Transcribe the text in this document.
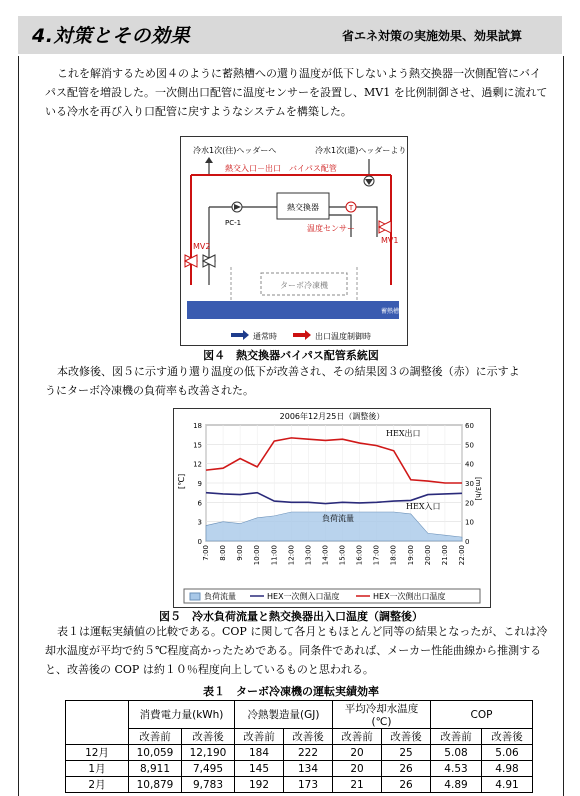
4.対策とその効果	省エネ対策の実施効果、効果試算

これを解消するため図４のように蓄熱槽への還り温度が低下しないよう熱交換器一次側配管にバイ

パス配管を増設した。一次側出口配管に温度センサーを設置し、MV1 を比例制御させ、過剰に流れて
いる冷水を再び入り口配管に戻すようなシステムを構築した。
冷水1次(往)ヘッダーへ	冷水1次(還)ヘッダーより
熱交入口－出口　バイパス配管
熱交換器
PC-1
T
温度センサー
MV2
MV1
ターボ冷凍機
蓄熱槽
通常時	出口温度制御時
図４　熱交換器バイパス配管系統図

本改修後、図５に示す通り還り温度の低下が改善され、その結果図３の調整後（赤）に示すよ

うにターボ冷凍機の負荷率も改善された。
2006年12月25日（調整後）
0
3
6
9
12
15
18
0
10
20
30
40
50
60
7:00 8:00 9:00 10:00 11:00 12:00 13:00 14:00 15:00 16:00 17:00 18:00 19:00 20:00 21:00 22:00
[℃]	[m3/h]
HEX出口
HEX入口
負荷流量
負荷流量	HEX一次側入口温度	HEX一次側出口温度
図５　冷水負荷流量と熱交換器出入口温度（調整後）

表１は運転実績値の比較である。COP に関して各月ともほとんど同等の結果となったが、これは冷

却水温度が平均で約５℃程度高かったためである。同条件であれば、メーカー性能曲線から推測する
と、改善後の COP は約１０％程度向上しているものと思われる。
表１　ターボ冷凍機の運転実績効率
	消費電力量(kWh)		冷熱製造量(GJ)		平均冷却水温度(℃)		COP	
	改善前	改善後	改善前	改善後	改善前	改善後	改善前	改善後
12月	10,059	12,190	184	222	20	25	5.08	5.06
1月	8,911	7,495	145	134	20	26	4.53	4.98
2月	10,879	9,783	192	173	21	26	4.89	4.91
